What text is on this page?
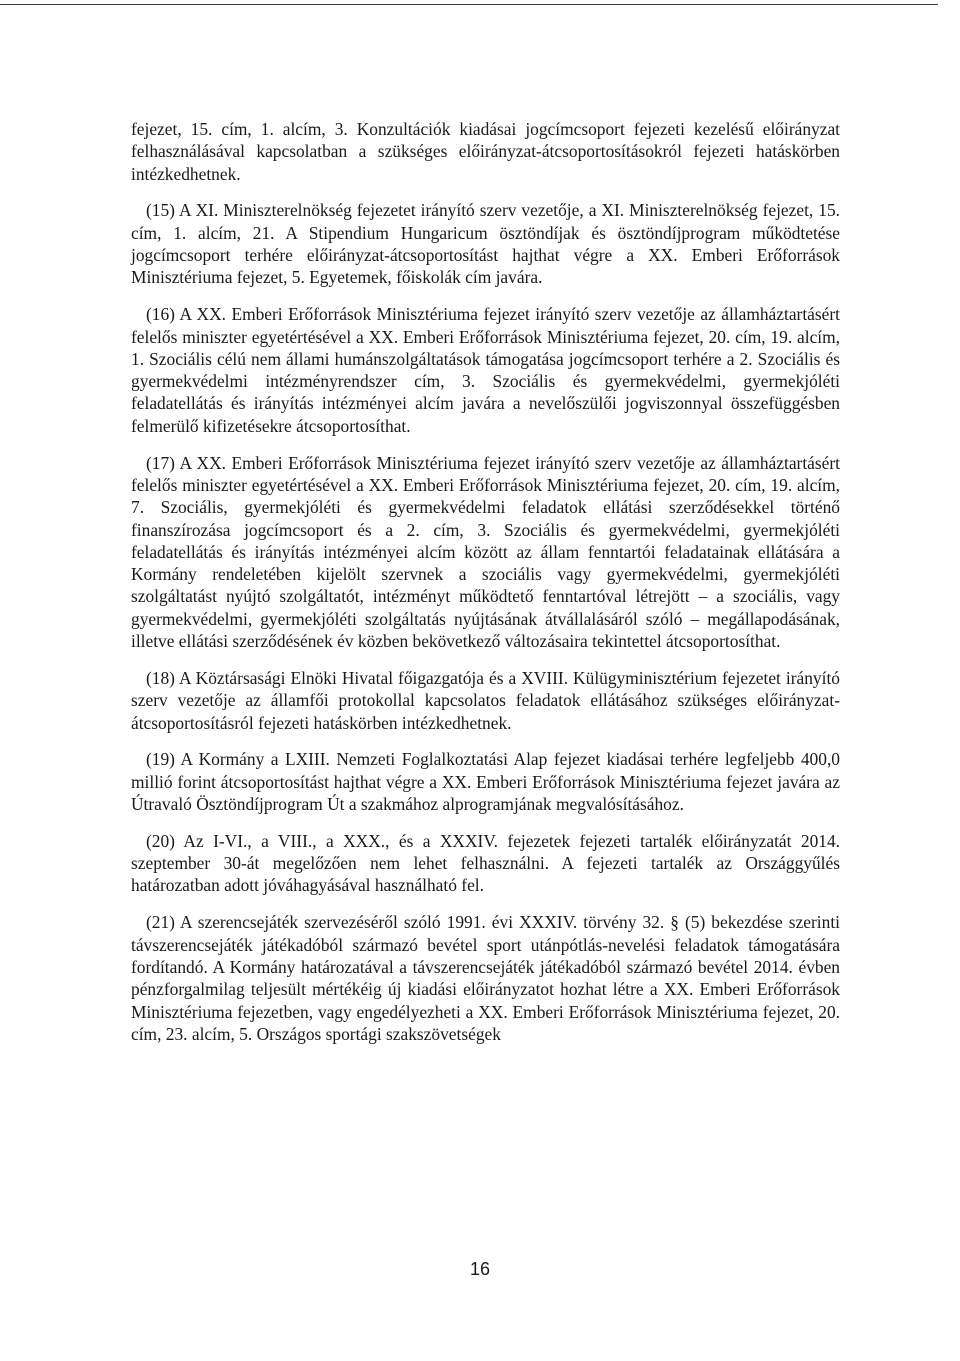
fejezet, 15. cím, 1. alcím, 3. Konzultációk kiadásai jogcímcsoport fejezeti kezelésű előirányzat felhasználásával kapcsolatban a szükséges előirányzat-átcsoportosításokról fejezeti hatáskörben intézkedhetnek.

(15) A XI. Miniszterelnökség fejezetet irányító szerv vezetője, a XI. Miniszterelnökség fejezet, 15. cím, 1. alcím, 21. A Stipendium Hungaricum ösztöndíjak és ösztöndíjprogram működtetése jogcímcsoport terhére előirányzat-átcsoportosítást hajthat végre a XX. Emberi Erőforrások Minisztériuma fejezet, 5. Egyetemek, főiskolák cím javára.

(16) A XX. Emberi Erőforrások Minisztériuma fejezet irányító szerv vezetője az államháztartásért felelős miniszter egyetértésével a XX. Emberi Erőforrások Minisztériuma fejezet, 20. cím, 19. alcím, 1. Szociális célú nem állami humánszolgáltatások támogatása jogcímcsoport terhére a 2. Szociális és gyermekvédelmi intézményrendszer cím, 3. Szociális és gyermekvédelmi, gyermekjóléti feladatellátás és irányítás intézményei alcím javára a nevelőszülői jogviszonnyal összefüggésben felmerülő kifizetésekre átcsoportosíthat.

(17) A XX. Emberi Erőforrások Minisztériuma fejezet irányító szerv vezetője az államháztartásért felelős miniszter egyetértésével a XX. Emberi Erőforrások Minisztériuma fejezet, 20. cím, 19. alcím, 7. Szociális, gyermekjóléti és gyermekvédelmi feladatok ellátási szerződésekkel történő finanszírozása jogcímcsoport és a 2. cím, 3. Szociális és gyermekvédelmi, gyermekjóléti feladatellátás és irányítás intézményei alcím között az állam fenntartói feladatainak ellátására a Kormány rendeletében kijelölt szervnek a szociális vagy gyermekvédelmi, gyermekjóléti szolgáltatást nyújtó szolgáltatót, intézményt működtető fenntartóval létrejött – a szociális, vagy gyermekvédelmi, gyermekjóléti szolgáltatás nyújtásának átvállalásáról szóló – megállapodásának, illetve ellátási szerződésének év közben bekövetkező változásaira tekintettel átcsoportosíthat.

(18) A Köztársasági Elnöki Hivatal főigazgatója és a XVIII. Külügyminisztérium fejezetet irányító szerv vezetője az államfői protokollal kapcsolatos feladatok ellátásához szükséges előirányzat-átcsoportosításról fejezeti hatáskörben intézkedhetnek.

(19) A Kormány a LXIII. Nemzeti Foglalkoztatási Alap fejezet kiadásai terhére legfeljebb 400,0 millió forint átcsoportosítást hajthat végre a XX. Emberi Erőforrások Minisztériuma fejezet javára az Útravaló Ösztöndíjprogram Út a szakmához alprogramjának megvalósításához.

(20) Az I-VI., a VIII., a XXX., és a XXXIV. fejezetek fejezeti tartalék előirányzatát 2014. szeptember 30-át megelőzően nem lehet felhasználni. A fejezeti tartalék az Országgyűlés határozatban adott jóváhagyásával használható fel.

(21) A szerencsejáték szervezéséről szóló 1991. évi XXXIV. törvény 32. § (5) bekezdése szerinti távszerencsejáték játékadóból származó bevétel sport utánpótlás-nevelési feladatok támogatására fordítandó. A Kormány határozatával a távszerencsejáték játékadóból származó bevétel 2014. évben pénzforgalmilag teljesült mértékéig új kiadási előirányzatot hozhat létre a XX. Emberi Erőforrások Minisztériuma fejezetben, vagy engedélyezheti a XX. Emberi Erőforrások Minisztériuma fejezet, 20. cím, 23. alcím, 5. Országos sportági szakszövetségek

16
